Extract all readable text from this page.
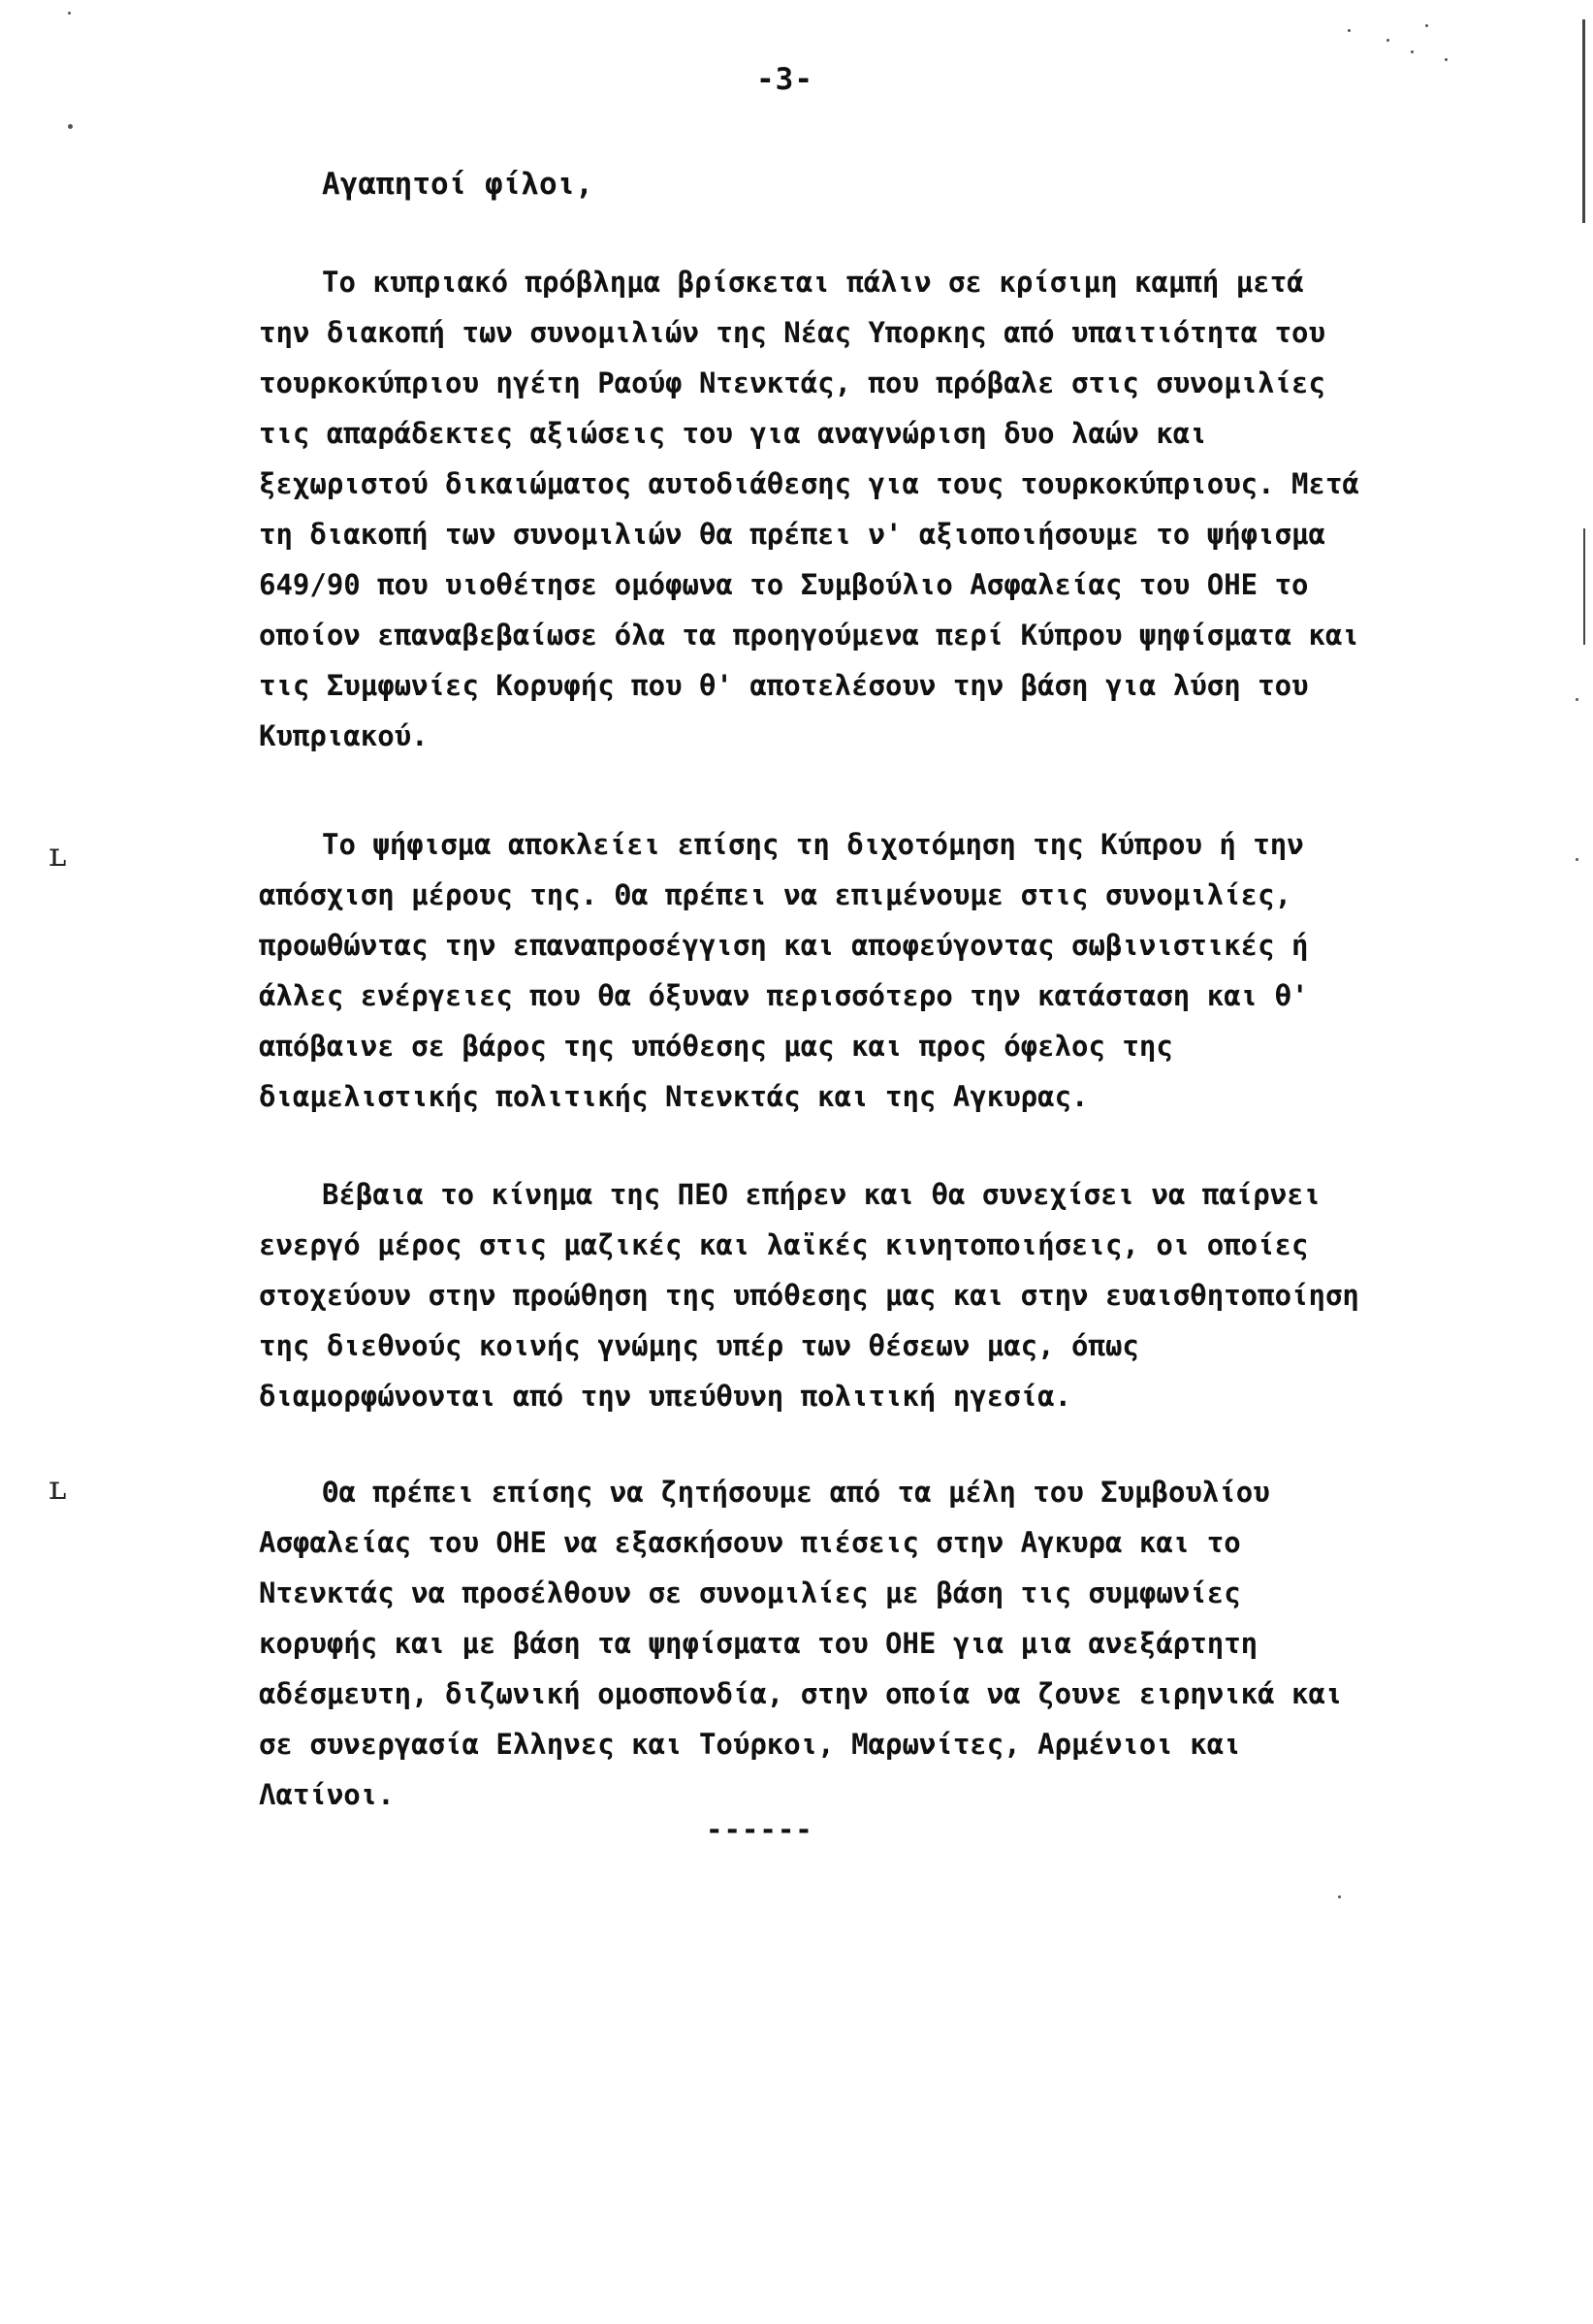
-3-
Αγαπητοί φίλοι,
Το κυπριακό πρόβλημα βρίσκεται πάλιν σε κρίσιμη καμπή μετά
την διακοπή των συνομιλιών της Νέας Υπορκης από υπαιτιότητα του
τουρκοκύπριου ηγέτη Ραούφ Ντενκτάς, που πρόβαλε στις συνομιλίες
τις απαράδεκτες αξιώσεις του για αναγνώριση δυο λαών και
ξεχωριστού δικαιώματος αυτοδιάθεσης για τους τουρκοκύπριους. Μετά
τη διακοπή των συνομιλιών θα πρέπει ν' αξιοποιήσουμε το ψήφισμα
649/90 που υιοθέτησε ομόφωνα το Συμβούλιο Ασφαλείας του ΟΗΕ το
οποίον επαναβεβαίωσε όλα τα προηγούμενα περί Κύπρου ψηφίσματα και
τις Συμφωνίες Κορυφής που θ' αποτελέσουν την βάση για λύση του
Κυπριακού.
Το ψήφισμα αποκλείει επίσης τη διχοτόμηση της Κύπρου ή την
απόσχιση μέρους της. Θα πρέπει να επιμένουμε στις συνομιλίες,
προωθώντας την επαναπροσέγγιση και αποφεύγοντας σωβινιστικές ή
άλλες ενέργειες που θα όξυναν περισσότερο την κατάσταση και θ'
απόβαινε σε βάρος της υπόθεσης μας και προς όφελος της
διαμελιστικής πολιτικής Ντενκτάς και της Αγκυρας.
Βέβαια το κίνημα της ΠΕΟ επήρεν και θα συνεχίσει να παίρνει
ενεργό μέρος στις μαζικές και λαϊκές κινητοποιήσεις, οι οποίες
στοχεύουν στην προώθηση της υπόθεσης μας και στην ευαισθητοποίηση
της διεθνούς κοινής γνώμης υπέρ των θέσεων μας, όπως
διαμορφώνονται από την υπεύθυνη πολιτική ηγεσία.
Θα πρέπει επίσης να ζητήσουμε από τα μέλη του Συμβουλίου
Ασφαλείας του ΟΗΕ να εξασκήσουν πιέσεις στην Αγκυρα και το
Ντενκτάς να προσέλθουν σε συνομιλίες με βάση τις συμφωνίες
κορυφής και με βάση τα ψηφίσματα του ΟΗΕ για μια ανεξάρτητη
αδέσμευτη, διζωνική ομοσπονδία, στην οποία να ζουνε ειρηνικά και
σε συνεργασία Ελληνες και Τούρκοι, Μαρωνίτες, Αρμένιοι και
Λατίνοι.
------
ʟ
ʟ
